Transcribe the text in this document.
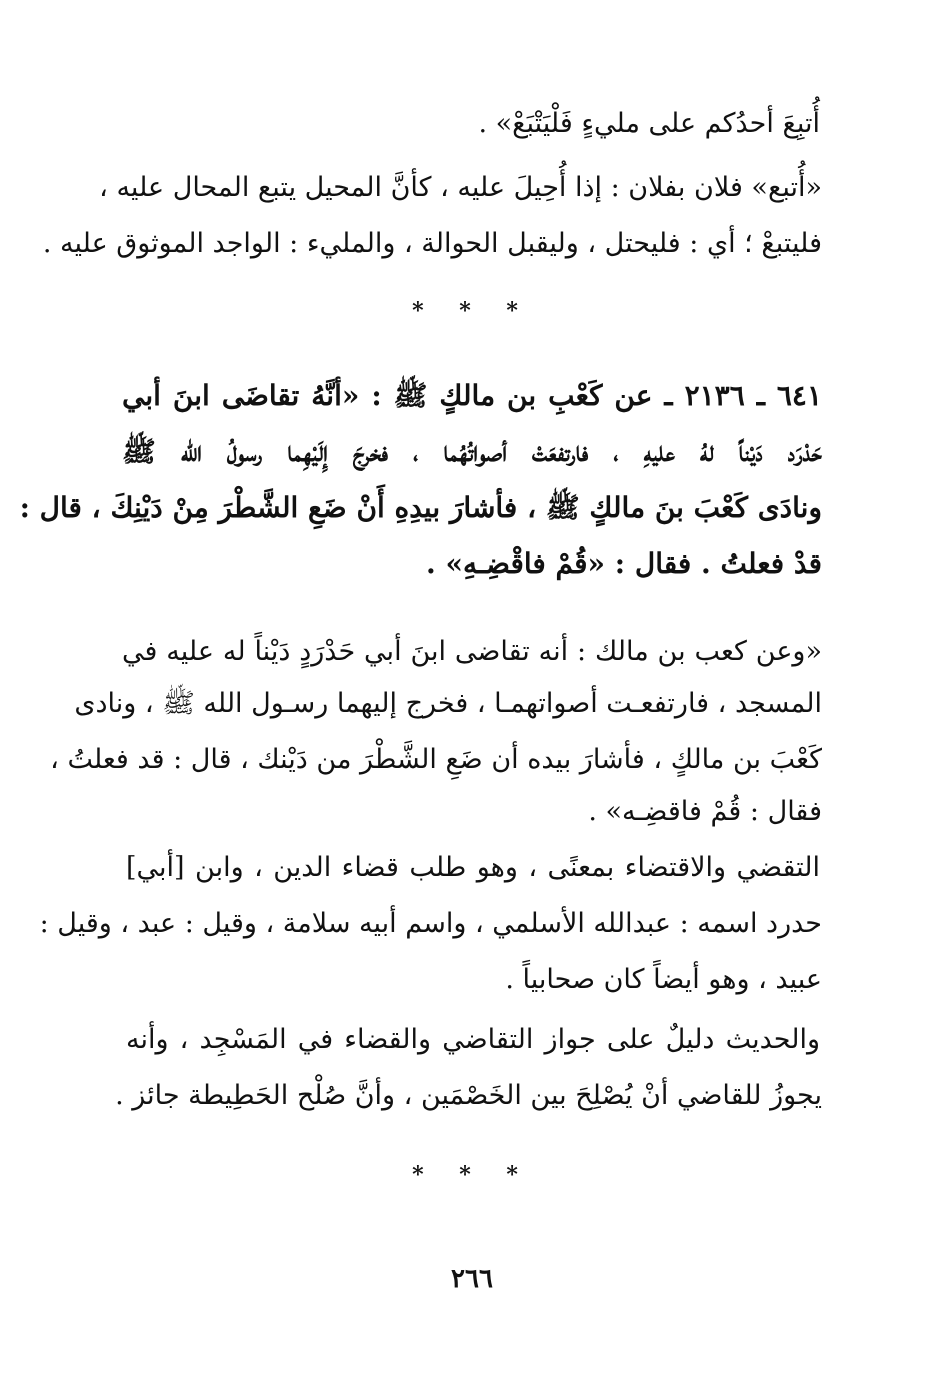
أُتبِعَ أحدُكم على مليءٍ فَلْيَتْبَعْ» .
«أُتبع» فلان بفلان : إذا أُحِيلَ عليه ، كأنَّ المحيل يتبع المحال عليه ،
فليتبعْ ؛ أي : فليحتل ، وليقبل الحوالة ، والمليء : الواجد الموثوق عليه .
* * *
٦٤١ ـ ٢١٣٦ ـ عن كَعْبِ بن مالكٍ ﷺ : «أنَّهُ تقاضَى ابنَ أبي
حَدْرَد دَيْناً لهُ عليهِ ، فارتفعَتْ أصواتُهُما ، فخرجَ إِلَيْهِما رسولُ الله ﷺ
ونادَى كَعْبَ بنَ مالكٍ ﷺ ، فأشارَ بيدِهِ أَنْ ضَعِ الشَّطْرَ مِنْ دَيْنِكَ ، قال :
قدْ فعلتُ . فقال : «قُمْ فاقْضِـهِ» .
«وعن كعب بن مالك : أنه تقاضى ابنَ أبي حَدْرَدٍ دَيْناً له عليه في
المسجد ، فارتفعـت أصواتهمـا ، فخرج إليهما رسـول الله ﷺ ، ونادى
كَعْبَ بن مالكٍ ، فأشارَ بيده أن ضَعِ الشَّطْرَ من دَيْنك ، قال : قد فعلتُ ،
فقال : قُمْ فاقضِـه» .
التقضي والاقتضاء بمعنًى ، وهو طلب قضاء الدين ، وابن [أبي]
حدرد اسمه : عبدالله الأسلمي ، واسم أبيه سلامة ، وقيل : عبد ، وقيل :
عبيد ، وهو أيضاً كان صحابياً .
والحديث دليلٌ على جواز التقاضي والقضاء في المَسْجِد ، وأنه
يجوزُ للقاضي أنْ يُصْلِحَ بين الخَصْمَين ، وأنَّ صُلْح الحَطِيطة جائز .
* * *
٢٦٦
